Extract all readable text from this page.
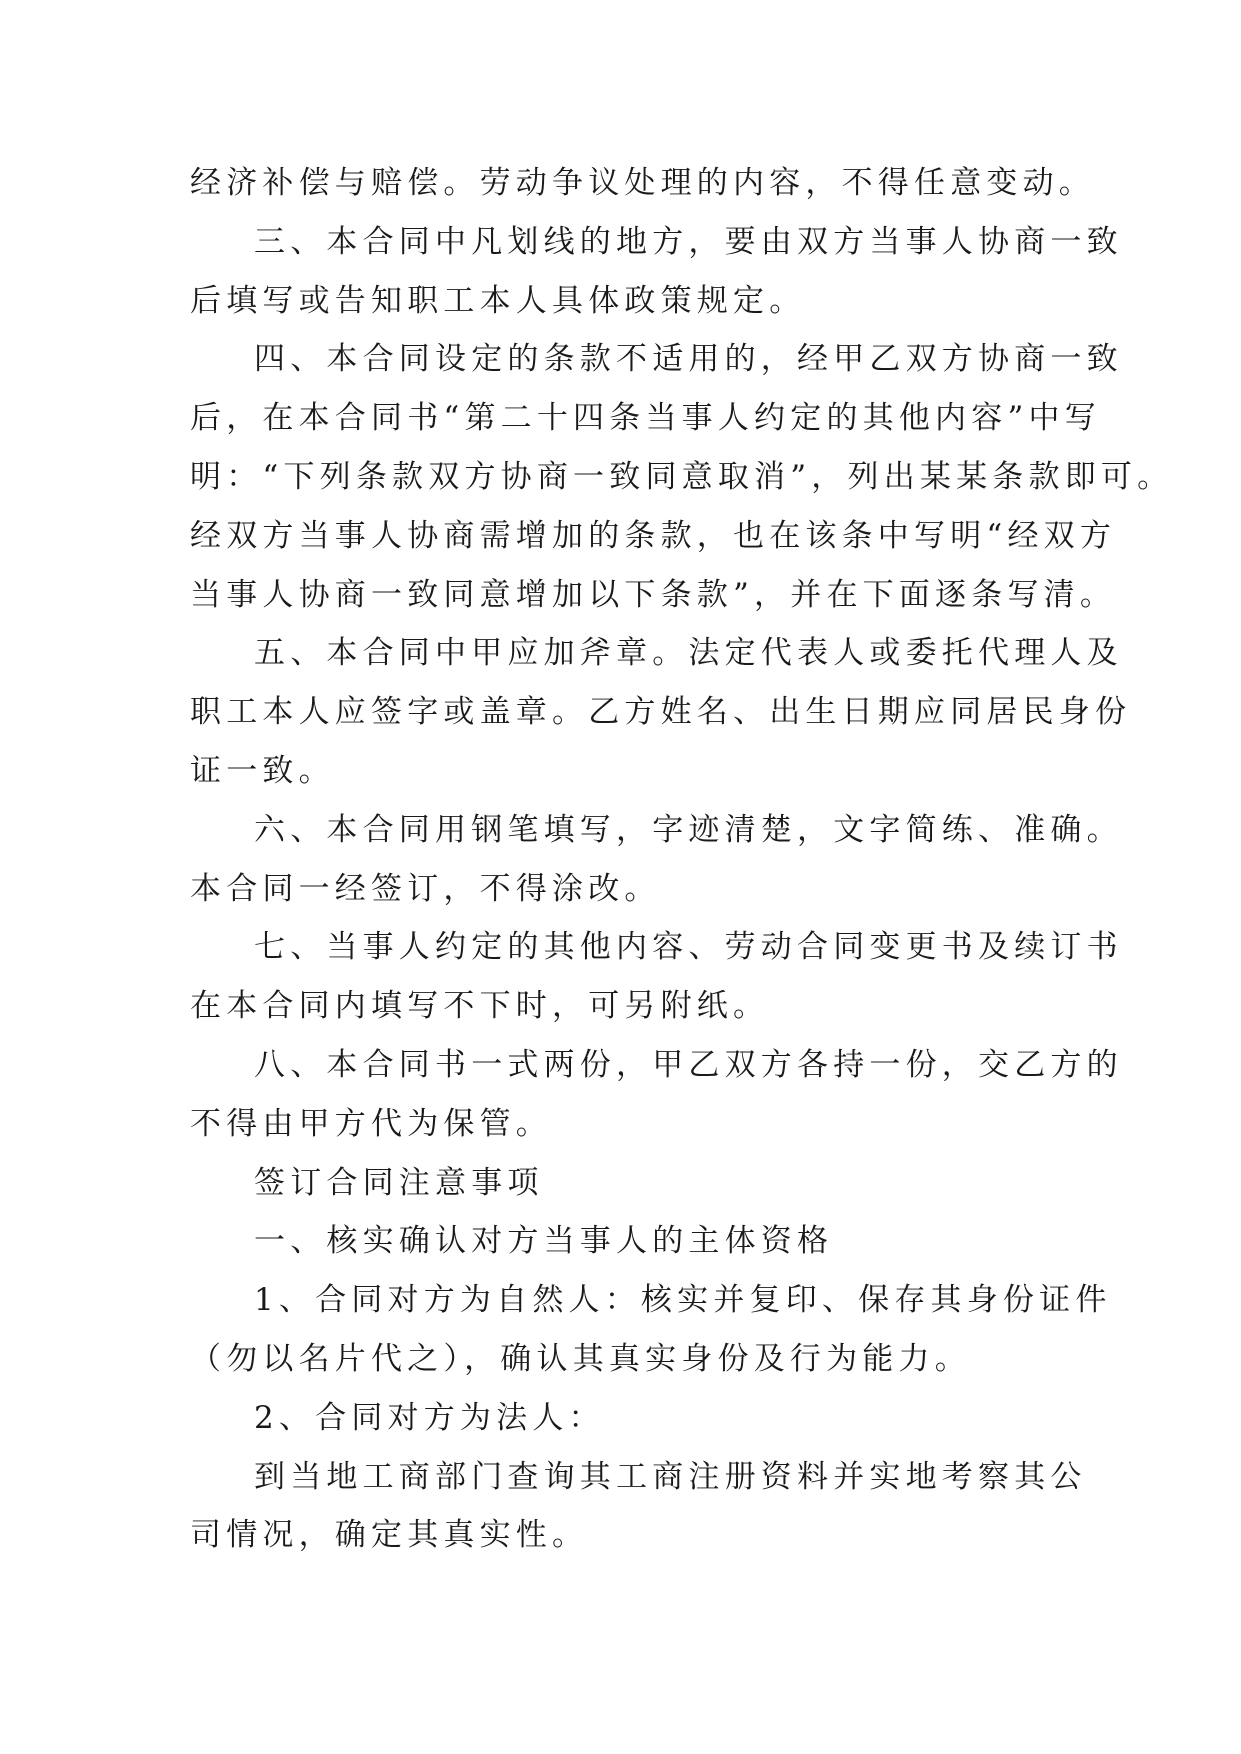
经济补偿与赔偿。劳动争议处理的内容，不得任意变动。
三、本合同中凡划线的地方，要由双方当事人协商一致
后填写或告知职工本人具体政策规定。
四、本合同设定的条款不适用的，经甲乙双方协商一致
后，在本合同书“第二十四条当事人约定的其他内容”中写
明：“下列条款双方协商一致同意取消”，列出某某条款即可。
经双方当事人协商需增加的条款，也在该条中写明“经双方
当事人协商一致同意增加以下条款”，并在下面逐条写清。
五、本合同中甲应加斧章。法定代表人或委托代理人及
职工本人应签字或盖章。乙方姓名、出生日期应同居民身份
证一致。
六、本合同用钢笔填写，字迹清楚，文字简练、准确。
本合同一经签订，不得涂改。
七、当事人约定的其他内容、劳动合同变更书及续订书
在本合同内填写不下时，可另附纸。
八、本合同书一式两份，甲乙双方各持一份，交乙方的
不得由甲方代为保管。
签订合同注意事项
一、核实确认对方当事人的主体资格
1、合同对方为自然人：核实并复印、保存其身份证件
（勿以名片代之），确认其真实身份及行为能力。
2、合同对方为法人：
到当地工商部门查询其工商注册资料并实地考察其公
司情况，确定其真实性。
